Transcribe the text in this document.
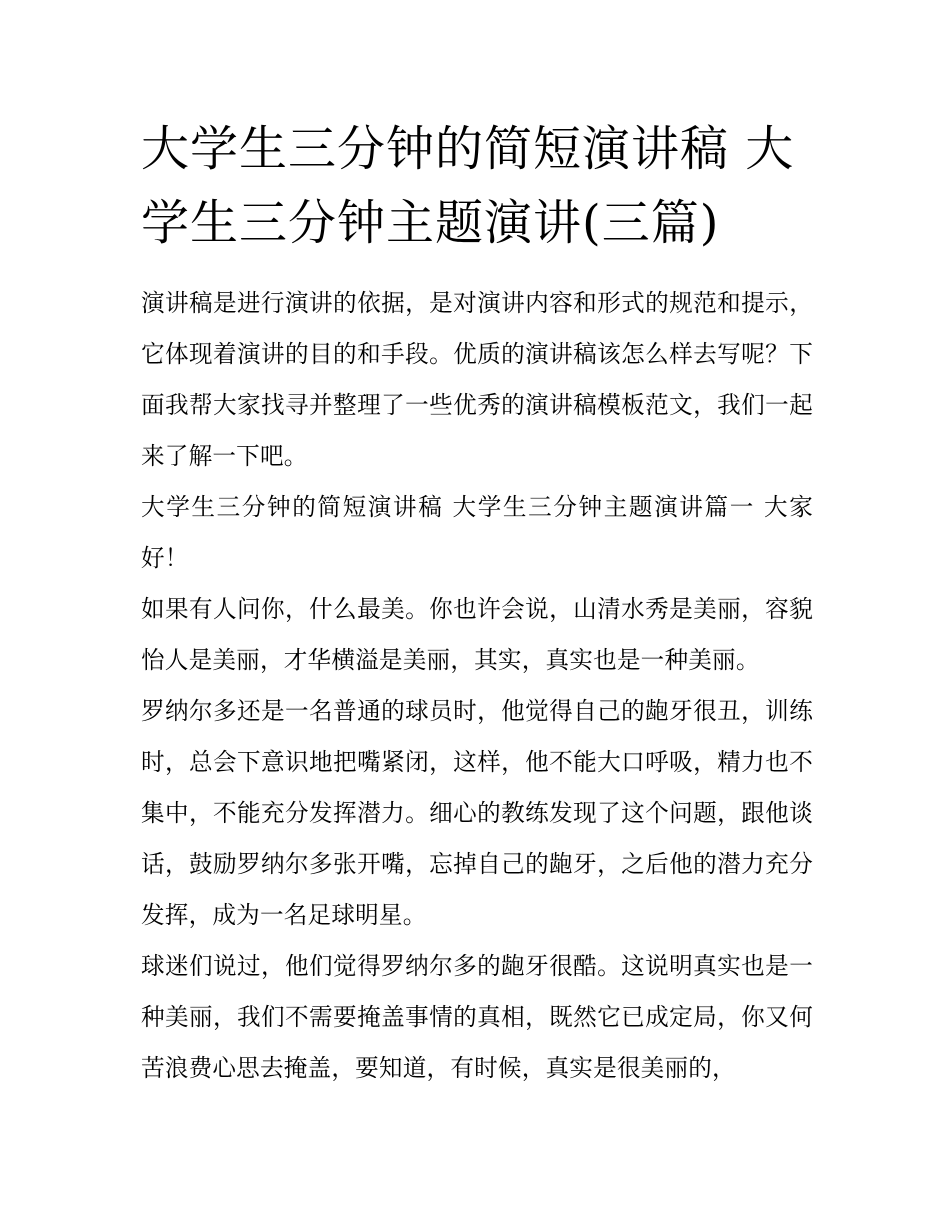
大学生三分钟的简短演讲稿 大学生三分钟主题演讲(三篇)

演讲稿是进行演讲的依据，是对演讲内容和形式的规范和提示，它体现着演讲的目的和手段。优质的演讲稿该怎么样去写呢？下面我帮大家找寻并整理了一些优秀的演讲稿模板范文，我们一起来了解一下吧。

大学生三分钟的简短演讲稿 大学生三分钟主题演讲篇一 大家好！

如果有人问你，什么最美。你也许会说，山清水秀是美丽，容貌怡人是美丽，才华横溢是美丽，其实，真实也是一种美丽。

罗纳尔多还是一名普通的球员时，他觉得自己的龅牙很丑，训练时，总会下意识地把嘴紧闭，这样，他不能大口呼吸，精力也不集中，不能充分发挥潜力。细心的教练发现了这个问题，跟他谈话，鼓励罗纳尔多张开嘴，忘掉自己的龅牙，之后他的潜力充分发挥，成为一名足球明星。

球迷们说过，他们觉得罗纳尔多的龅牙很酷。这说明真实也是一种美丽，我们不需要掩盖事情的真相，既然它已成定局，你又何苦浪费心思去掩盖，要知道，有时候，真实是很美丽的，
